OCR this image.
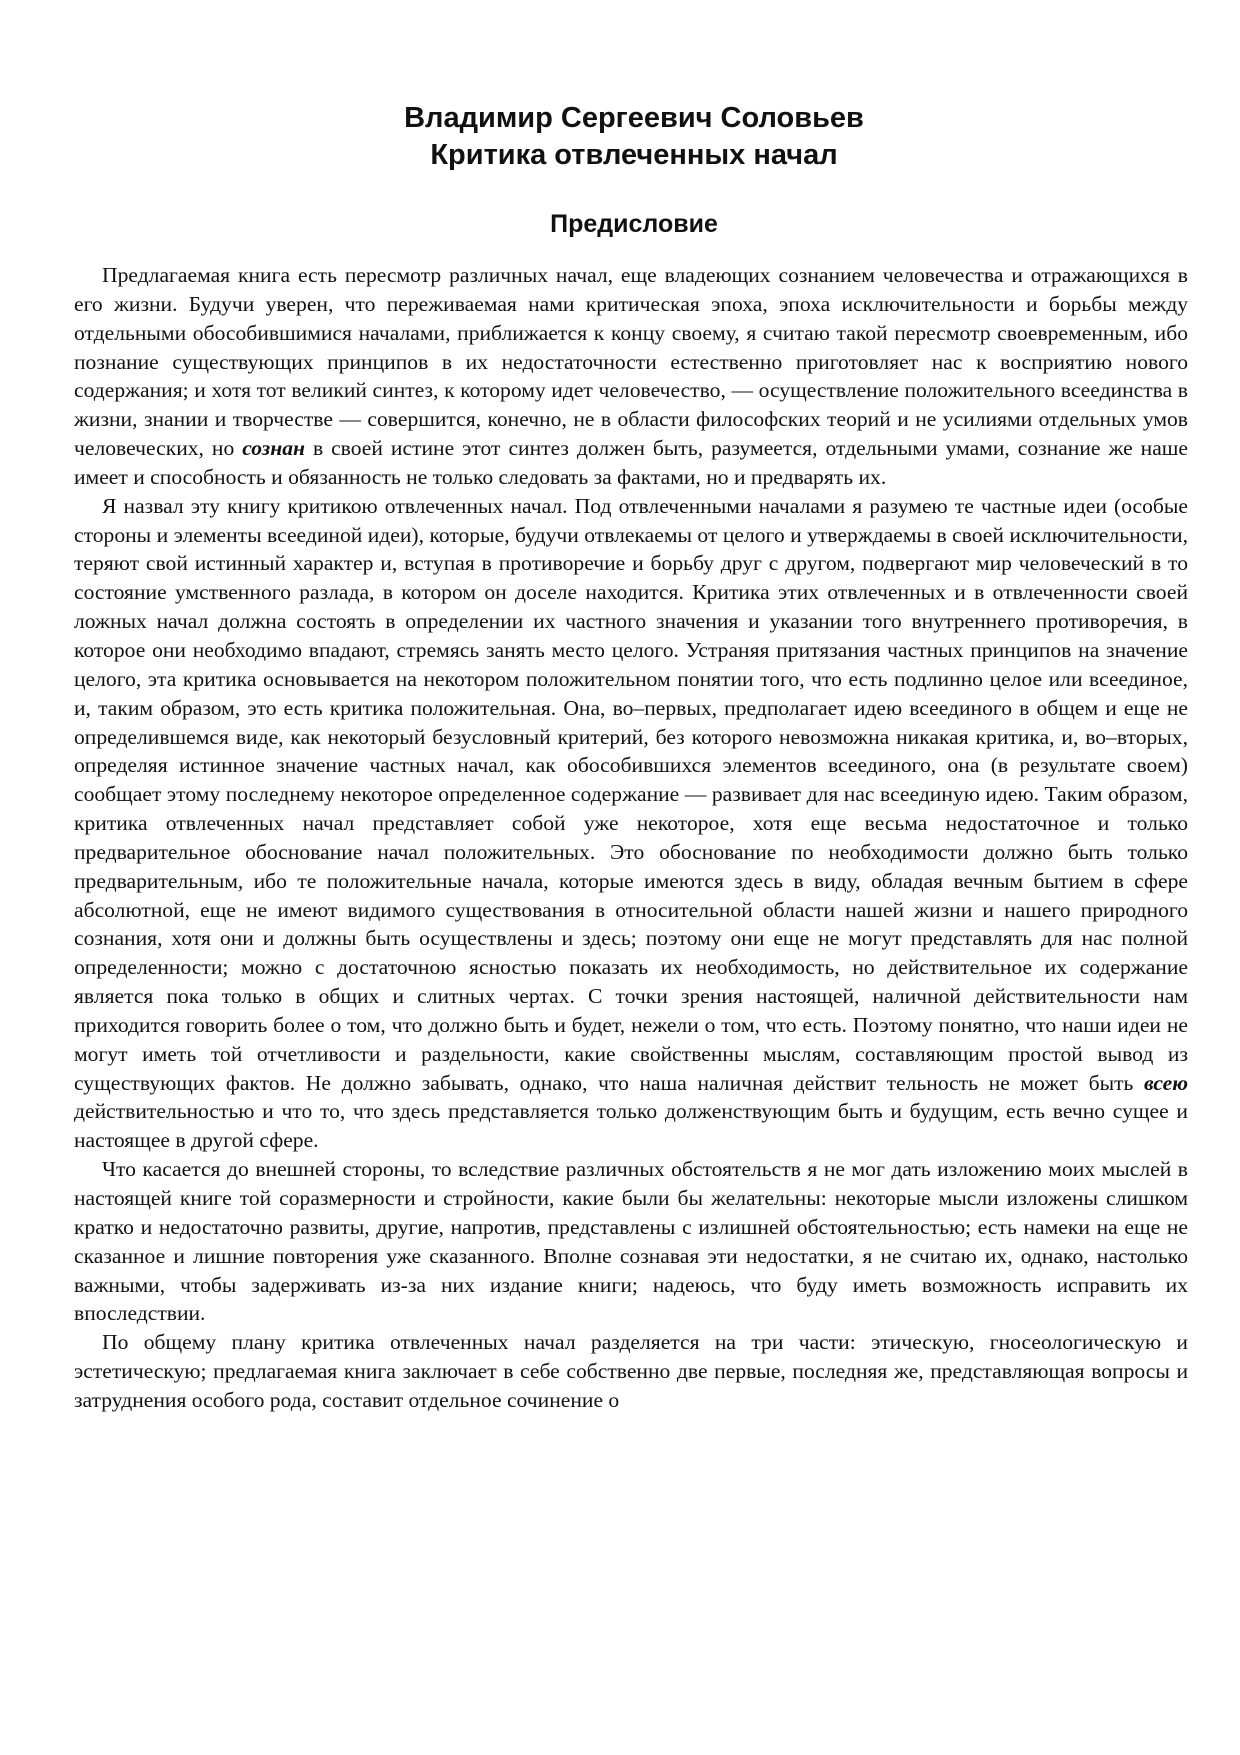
Владимир Сергеевич Соловьев
Критика отвлеченных начал
Предисловие

Предлагаемая книга есть пересмотр различных начал, еще владеющих сознанием человечества и отражающихся в его жизни. Будучи уверен, что переживаемая нами критическая эпоха, эпоха исключительности и борьбы между отдельными обособившимися началами, приближается к концу своему, я считаю такой пересмотр своевременным, ибо познание существующих принципов в их недостаточности естественно приготовляет нас к восприятию нового содержания; и хотя тот великий синтез, к которому идет человечество, — осуществление положительного всеединства в жизни, знании и творчестве — совершится, конечно, не в области философских теорий и не усилиями отдельных умов человеческих, но сознан в своей истине этот синтез должен быть, разумеется, отдельными умами, сознание же наше имеет и способность и обязанность не только следовать за фактами, но и предварять их.

Я назвал эту книгу критикою отвлеченных начал. Под отвлеченными началами я разумею те частные идеи (особые стороны и элементы всеединой идеи), которые, будучи отвлекаемы от целого и утверждаемы в своей исключительности, теряют свой истинный характер и, вступая в противоречие и борьбу друг с другом, подвергают мир человеческий в то состояние умственного разлада, в котором он доселе находится. Критика этих отвлеченных и в отвлеченности своей ложных начал должна состоять в определении их частного значения и указании того внутреннего противоречия, в которое они необходимо впадают, стремясь занять место целого. Устраняя притязания частных принципов на значение целого, эта критика основывается на некотором положительном понятии того, что есть подлинно целое или всеединое, и, таким образом, это есть критика положительная. Она, во–первых, предполагает идею всеединого в общем и еще не определившемся виде, как некоторый безусловный критерий, без которого невозможна никакая критика, и, во–вторых, определяя истинное значение частных начал, как обособившихся элементов всеединого, она (в результате своем) сообщает этому последнему некоторое определенное содержание — развивает для нас всеединую идею. Таким образом, критика отвлеченных начал представляет собой уже некоторое, хотя еще весьма недостаточное и только предварительное обоснование начал положительных. Это обоснование по необходимости должно быть только предварительным, ибо те положительные начала, которые имеются здесь в виду, обладая вечным бытием в сфере абсолютной, еще не имеют видимого существования в относительной области нашей жизни и нашего природного сознания, хотя они и должны быть осуществлены и здесь; поэтому они еще не могут представлять для нас полной определенности; можно с достаточною ясностью показать их необходимость, но действительное их содержание является пока только в общих и слитных чертах. С точки зрения настоящей, наличной действительности нам приходится говорить более о том, что должно быть и будет, нежели о том, что есть. Поэтому понятно, что наши идеи не могут иметь той отчетливости и раздельности, какие свойственны мыслям, составляющим простой вывод из существующих фактов. Не должно забывать, однако, что наша наличная действит тельность не может быть всею действительностью и что то, что здесь представляется только долженствующим быть и будущим, есть вечно сущее и настоящее в другой сфере.

Что касается до внешней стороны, то вследствие различных обстоятельств я не мог дать изложению моих мыслей в настоящей книге той соразмерности и стройности, какие были бы желательны: некоторые мысли изложены слишком кратко и недостаточно развиты, другие, напротив, представлены с излишней обстоятельностью; есть намеки на еще не сказанное и лишние повторения уже сказанного. Вполне сознавая эти недостатки, я не считаю их, однако, настолько важными, чтобы задерживать из-за них издание книги; надеюсь, что буду иметь возможность исправить их впоследствии.

По общему плану критика отвлеченных начал разделяется на три части: этическую, гносеологическую и эстетическую; предлагаемая книга заключает в себе собственно две первые, последняя же, представляющая вопросы и затруднения особого рода, составит отдельное сочинение о
